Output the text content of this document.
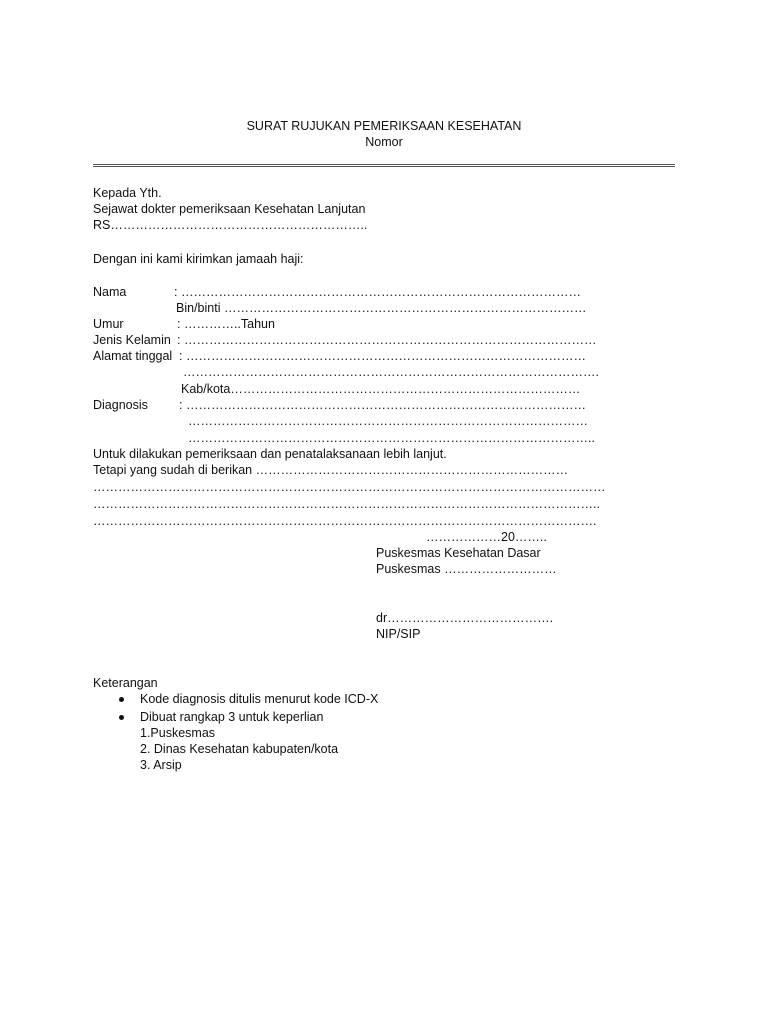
SURAT RUJUKAN PEMERIKSAAN KESEHATAN
Nomor
Kepada Yth.
Sejawat dokter pemeriksaan Kesehatan Lanjutan
RS……………………………………………………..
Dengan ini kami kirimkan jamaah haji:
Nama	: ……………………………………………………………………………………
Bin/binti ……………………………………………………………………………
Umur	: …………..Tahun
Jenis Kelamin : ………………………………………………………………………………………
Alamat tinggal : ……………………………………………………………………………………
……………………………………………………………………………………….
Kab/kota…………………………………………………………………………
Diagnosis : ……………………………………………………………………………………
……………………………………………………………………………………
……………………………………………………………………………………..
Untuk dilakukan pemeriksaan dan penatalaksanaan lebih lanjut.
Tetapi yang sudah di berikan …………………………………………………………………
……………………………………………………………………………………………………………
…………………………………………………………………………………………………………..
………………………………………………………………………………………………………….
………………20……..
Puskesmas Kesehatan Dasar
Puskesmas ………………………
dr………………………………….
NIP/SIP
Keterangan
Kode diagnosis ditulis menurut kode ICD-X
Dibuat rangkap 3 untuk keperlian
1.Puskesmas
2. Dinas Kesehatan kabupaten/kota
3. Arsip
